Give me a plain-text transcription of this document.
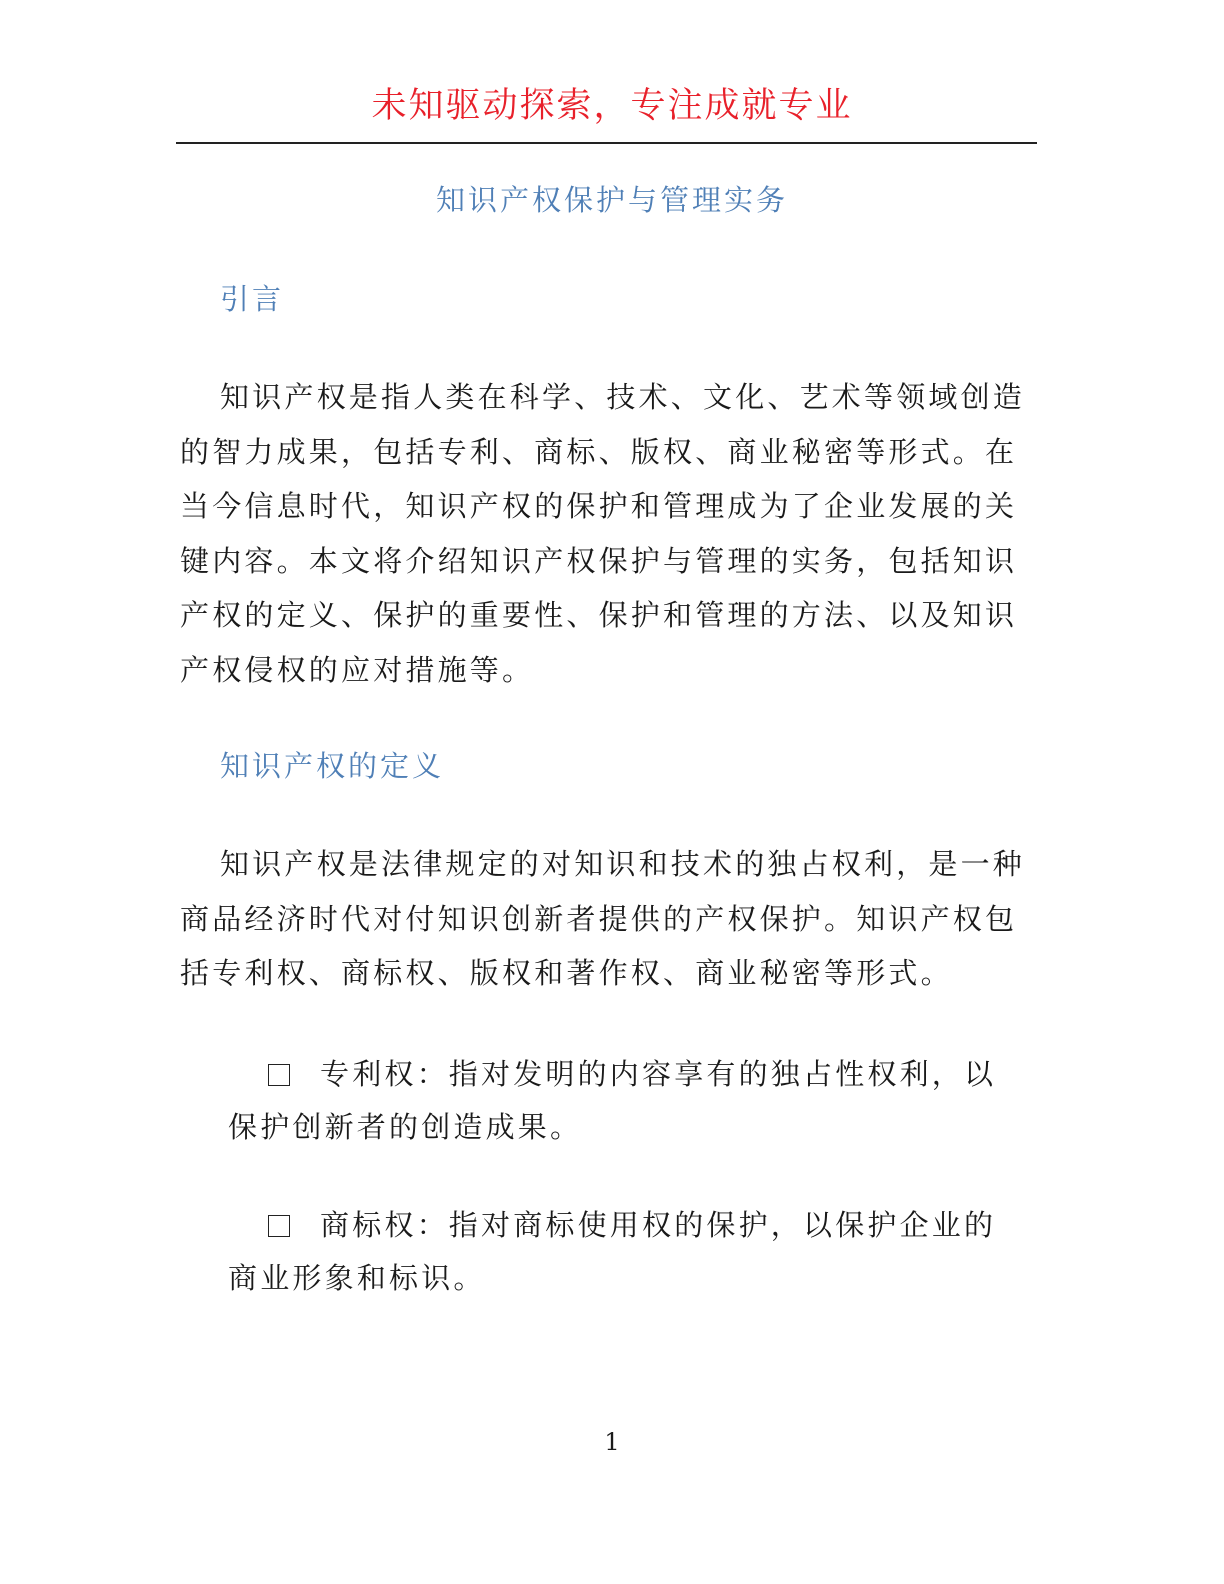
未知驱动探索，专注成就专业
知识产权保护与管理实务
引言

知识产权是指人类在科学、技术、文化、艺术等领域创造的智力成果，包括专利、商标、版权、商业秘密等形式。在当今信息时代，知识产权的保护和管理成为了企业发展的关键内容。本文将介绍知识产权保护与管理的实务，包括知识产权的定义、保护的重要性、保护和管理的方法、以及知识产权侵权的应对措施等。

知识产权的定义

知识产权是法律规定的对知识和技术的独占权利，是一种商品经济时代对付知识创新者提供的产权保护。知识产权包括专利权、商标权、版权和著作权、商业秘密等形式。

专利权：指对发明的内容享有的独占性权利，以保护创新者的创造成果。
商标权：指对商标使用权的保护，以保护企业的商业形象和标识。
1
